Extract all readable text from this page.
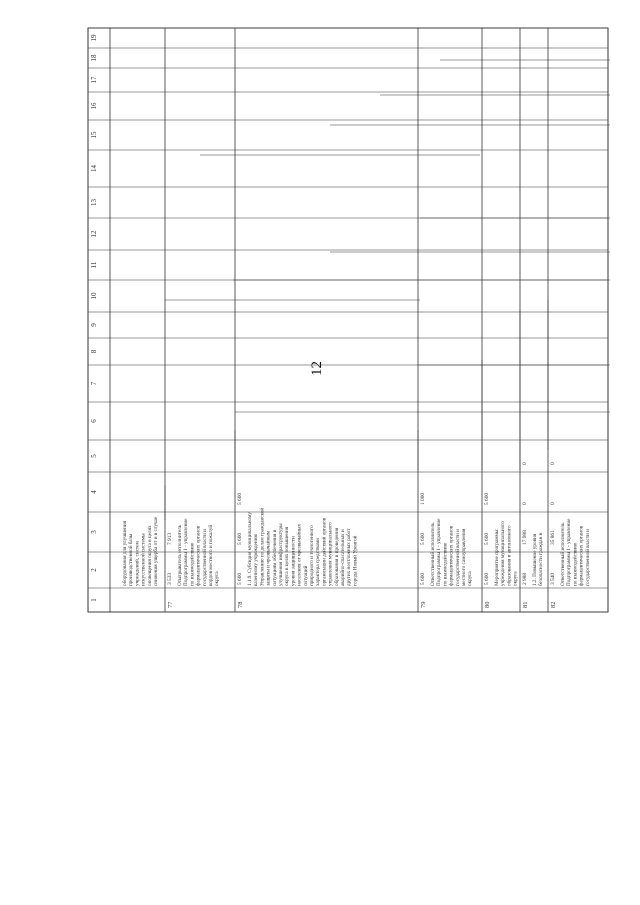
12
1
2
3
4
5
6
7
8
9
10
11
12
13
14
15
16
17
18
19
оборудования для улучшения производственной базы учреждений, систем искусственной системы оповещения округа в целях снижения ущерба от и в случае
77
Отыгрыватель исполнитель Подпрограммы 1 - управление по взаимодействию фармацевтических органов государственной власти и кордов местного и пожалуй округа
3 533
7 913
78
1.1.9. Субсидия муниципальному казенному учреждению Управлению по делам гражданской защиты и чрезвычайным ситуациям обеспечения и улучшения инфраструктуры округа в целях повышения уровня защищенности населения от чрезвычайных ситуаций природного и техногенного характера средствами организации действий органов управления муниципального образования и проведения аварийно-спасательных и других неотложных работ города Новый Уренгой
5 600
5 600
5 600
79
Ответственный исполнитель Подпрограммы 1 - управление по взаимодействию фармацевтических органов государственной власти и местного самоуправления округа
5 600
5 600
1 000
80
Мероприятие программы: учреждения муниципального образования и автономного округа
5 600
5 600
5 600
81
1.2. Повышение уровня безопасности граждан в
2 988
17 988
0
0
82
Ответственный исполнитель Подпрограммы 1 - управление по взаимодействию фармацевтических органов государственной власти и
3 540
35 861
0
0
